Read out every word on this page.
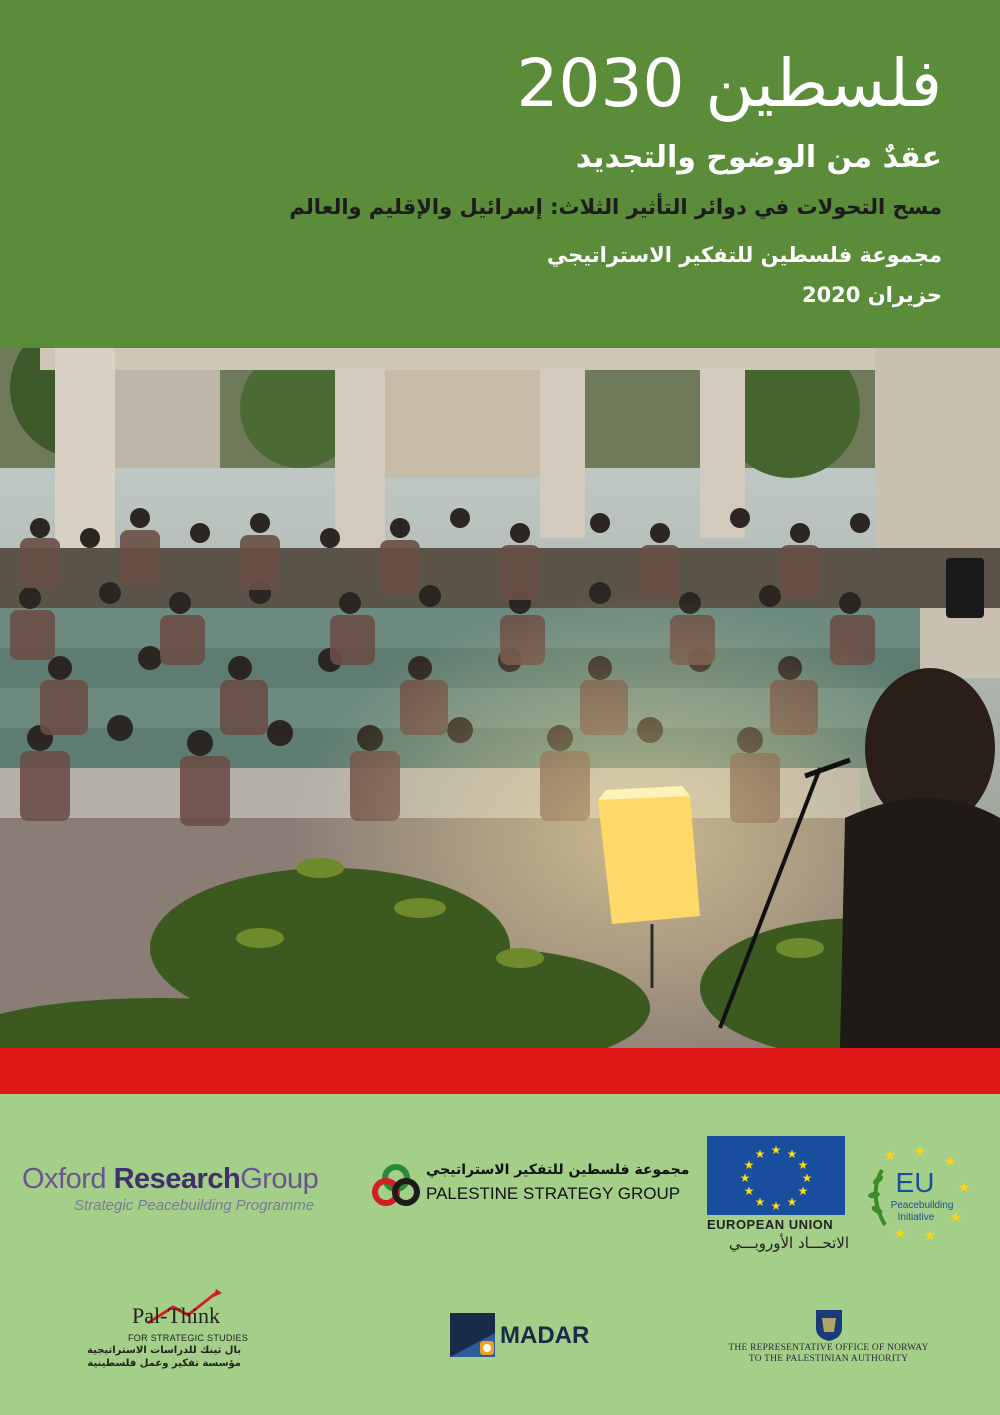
فلسطين 2030
عقدٌ من الوضوح والتجديد
مسح التحولات في دوائر التأثير الثلاث: إسرائيل والإقليم والعالم
مجموعة فلسطين للتفكير الاستراتيجي
حزيران 2020
Oxford ResearchGroup
Strategic Peacebuilding Programme
مجموعة فلسطين للتفكير الاستراتيجي
PALESTINE STRATEGY GROUP
★ ★
★
★
★
★
★
★
★
★
★
★
EUROPEAN UNION
الاتحـــاد الأوروبـــي
★
★
★
★
★
★
★
EU
Peacebuilding
Initiative
Pal-Think
FOR STRATEGIC STUDIES
بال ثينك للدراسات الاستراتيجية
مؤسسة تفكير وعمل فلسطينية
MADAR	THE REPRESENTATIVE OFFICE OF NORWAY
TO THE PALESTINIAN AUTHORITY
